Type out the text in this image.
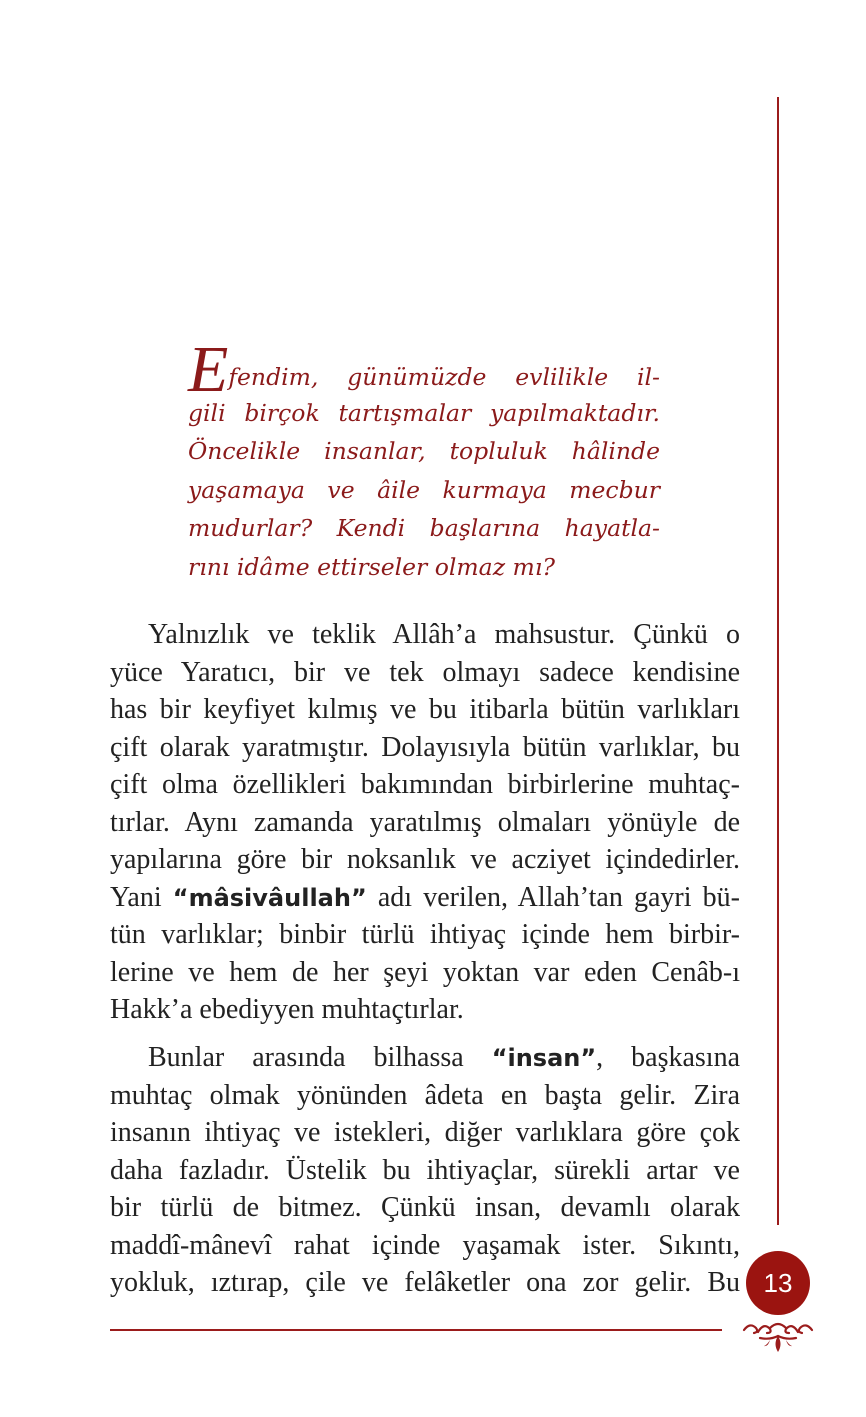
Efendim, günümüzde evlilikle il-
gili birçok tartışmalar yapılmaktadır.
Öncelikle insanlar, topluluk hâlinde
yaşamaya ve âile kurmaya mecbur
mudurlar? Kendi başlarına hayatla-
rını idâme ettirseler olmaz mı?
Yalnızlık ve teklik Allâh’a mahsustur. Çünkü o
yüce Yaratıcı, bir ve tek olmayı sadece kendisine
has bir keyfiyet kılmış ve bu itibarla bütün varlıkları
çift olarak yaratmıştır. Dolayısıyla bütün varlıklar, bu
çift olma özellikleri bakımından birbirlerine muhtaç-
tırlar. Aynı zamanda yaratılmış olmaları yönüyle de
yapılarına göre bir noksanlık ve acziyet içindedirler.
Yani “mâsivâullah” adı verilen, Allah’tan gayri bü-
tün varlıklar; binbir türlü ihtiyaç içinde hem birbir-
lerine ve hem de her şeyi yoktan var eden Cenâb-ı
Hakk’a ebediyyen muhtaçtırlar.
Bunlar arasında bilhassa “insan”, başkasına
muhtaç olmak yönünden âdeta en başta gelir. Zira
insanın ihtiyaç ve istekleri, diğer varlıklara göre çok
daha fazladır. Üstelik bu ihtiyaçlar, sürekli artar ve
bir türlü de bitmez. Çünkü insan, devamlı olarak
maddî-mânevî rahat içinde yaşamak ister. Sıkıntı,
yokluk, ıztırap, çile ve felâketler ona zor gelir. Bu 13
